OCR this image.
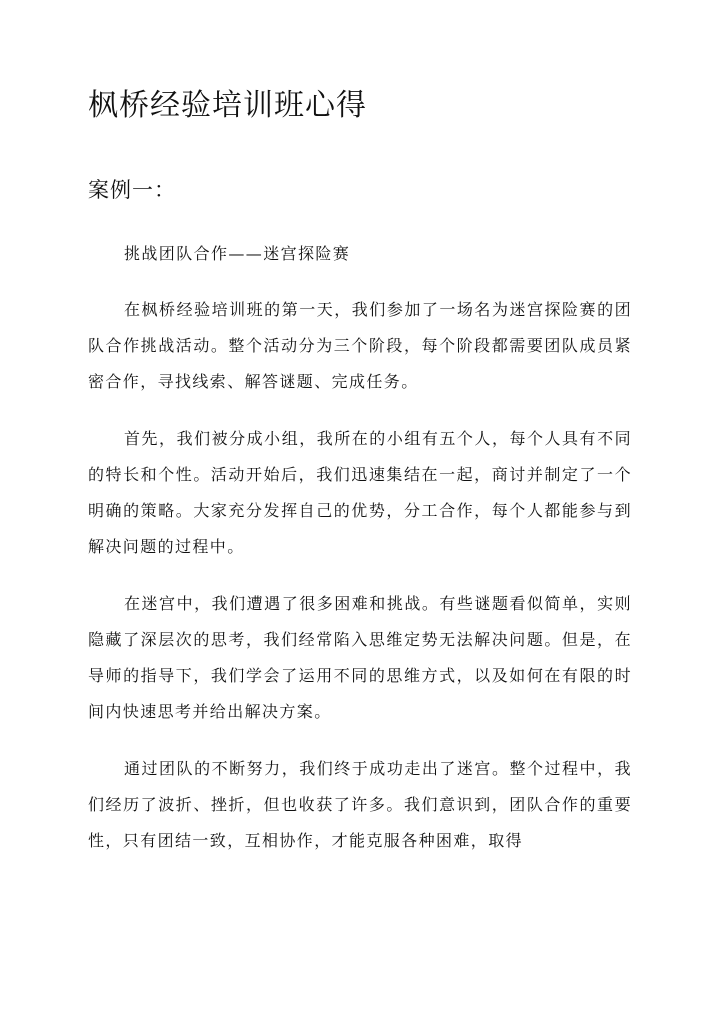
枫桥经验培训班心得
案例一：

挑战团队合作——迷宫探险赛

在枫桥经验培训班的第一天，我们参加了一场名为迷宫探险赛的团队合作挑战活动。整个活动分为三个阶段，每个阶段都需要团队成员紧密合作，寻找线索、解答谜题、完成任务。

首先，我们被分成小组，我所在的小组有五个人，每个人具有不同的特长和个性。活动开始后，我们迅速集结在一起，商讨并制定了一个明确的策略。大家充分发挥自己的优势，分工合作，每个人都能参与到解决问题的过程中。

在迷宫中，我们遭遇了很多困难和挑战。有些谜题看似简单，实则隐藏了深层次的思考，我们经常陷入思维定势无法解决问题。但是，在导师的指导下，我们学会了运用不同的思维方式，以及如何在有限的时间内快速思考并给出解决方案。

通过团队的不断努力，我们终于成功走出了迷宫。整个过程中，我们经历了波折、挫折，但也收获了许多。我们意识到，团队合作的重要性，只有团结一致，互相协作，才能克服各种困难，取得
